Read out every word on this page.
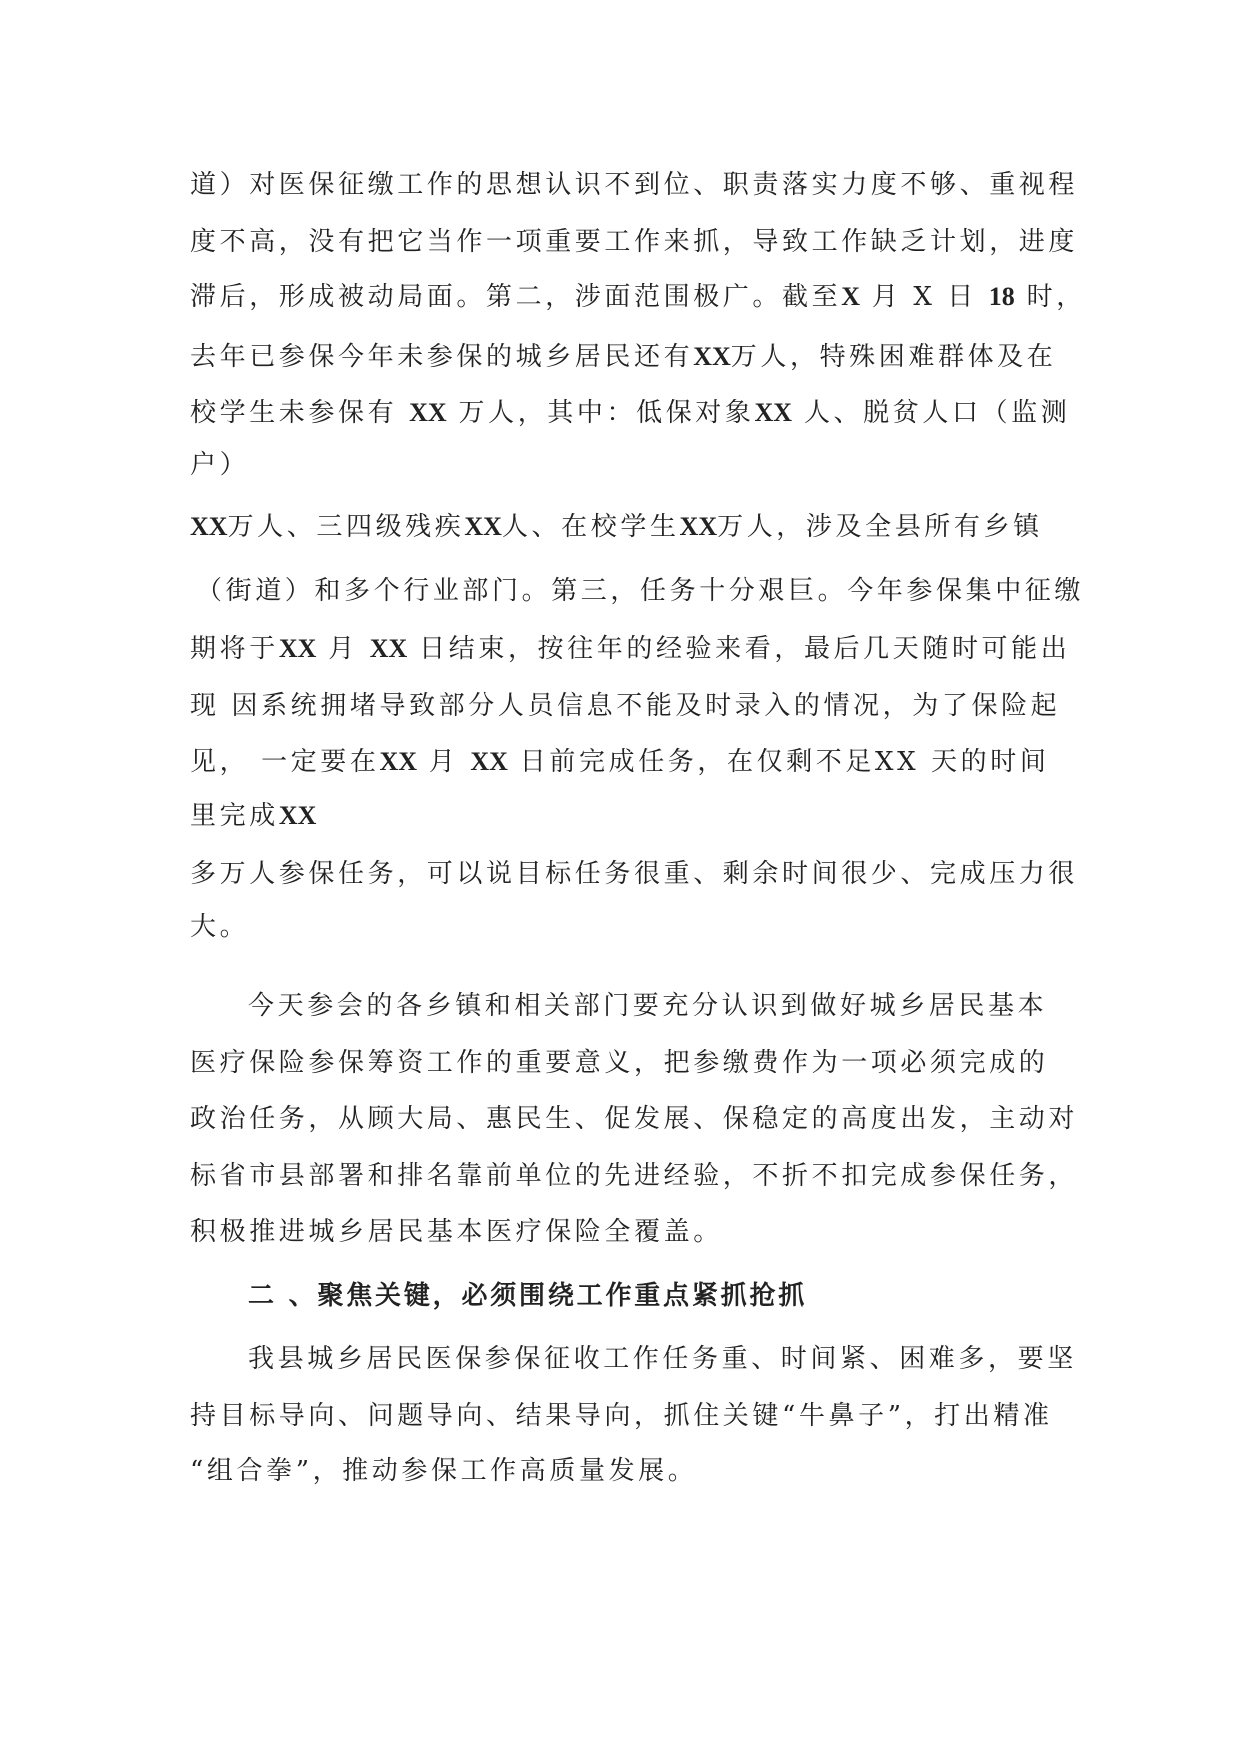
道）对医保征缴工作的思想认识不到位、职责落实力度不够、重视程
度不高，没有把它当作一项重要工作来抓，导致工作缺乏计划，进度
滞后，形成被动局面。第二，涉面范围极广。截至X 月 X 日 18 时，
去年已参保今年未参保的城乡居民还有XX万人，特殊困难群体及在
校学生未参保有 XX 万人，其中：低保对象XX 人、脱贫人口（监测
户）
XX万人、三四级残疾XX人、在校学生XX万人，涉及全县所有乡镇
（街道）和多个行业部门。第三，任务十分艰巨。今年参保集中征缴
期将于XX 月 XX 日结束，按往年的经验来看，最后几天随时可能出
现 因系统拥堵导致部分人员信息不能及时录入的情况，为了保险起
见， 一定要在XX 月 XX 日前完成任务，在仅剩不足XX 天的时间
里完成XX
多万人参保任务，可以说目标任务很重、剩余时间很少、完成压力很
大。
今天参会的各乡镇和相关部门要充分认识到做好城乡居民基本
医疗保险参保筹资工作的重要意义，把参缴费作为一项必须完成的
政治任务，从顾大局、惠民生、促发展、保稳定的高度出发，主动对
标省市县部署和排名靠前单位的先进经验，不折不扣完成参保任务，
积极推进城乡居民基本医疗保险全覆盖。
二 、聚焦关键，必须围绕工作重点紧抓抢抓
我县城乡居民医保参保征收工作任务重、时间紧、困难多，要坚
持目标导向、问题导向、结果导向，抓住关键“牛鼻子”，打出精准
“组合拳”，推动参保工作高质量发展。
